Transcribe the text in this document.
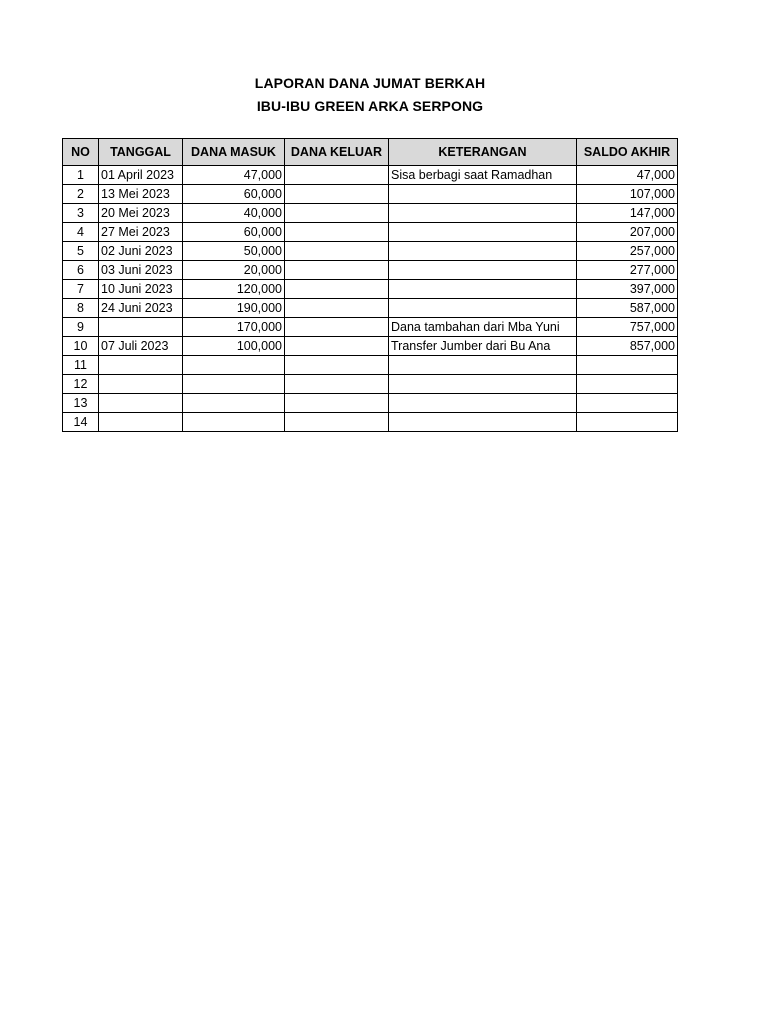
LAPORAN DANA JUMAT BERKAH
IBU-IBU GREEN ARKA SERPONG
NO	TANGGAL	DANA MASUK	DANA KELUAR	KETERANGAN	SALDO AKHIR
1	01 April 2023	47,000		Sisa berbagi saat Ramadhan	47,000
2	13 Mei 2023	60,000			107,000
3	20 Mei 2023	40,000			147,000
4	27 Mei 2023	60,000			207,000
5	02 Juni 2023	50,000			257,000
6	03 Juni 2023	20,000			277,000
7	10 Juni 2023	120,000			397,000
8	24 Juni 2023	190,000			587,000
9		170,000		Dana tambahan dari Mba Yuni	757,000
10	07 Juli 2023	100,000		Transfer Jumber dari Bu Ana	857,000
11					
12					
13					
14					
